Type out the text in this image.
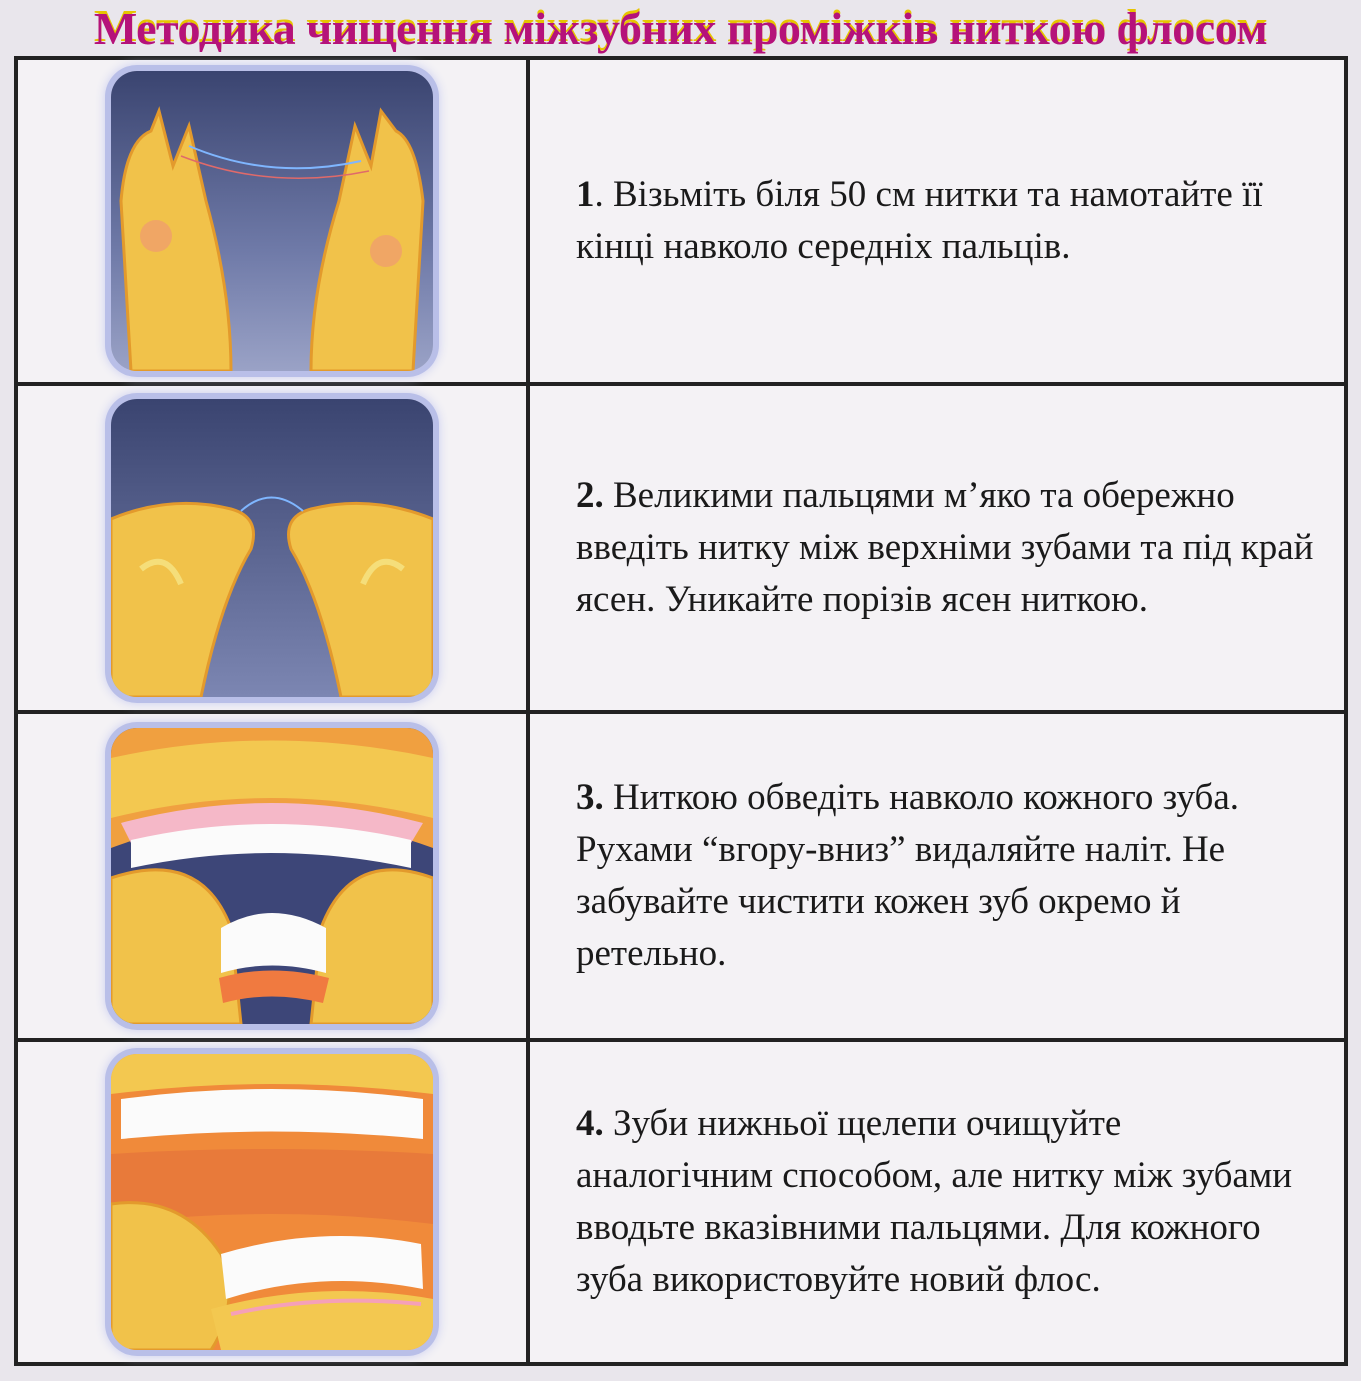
Методика чищення міжзубних проміжків ниткою флосом

1. Візьміть біля 50 см нитки та намотайте її кінці навколо середніх пальців.

2. Великими пальцями м’яко та обережно введіть нитку між верхніми зубами та під край ясен. Уникайте порізів ясен ниткою.

3. Ниткою обведіть навколо кожного зуба. Рухами “вгору-вниз” видаляйте наліт. Не забувайте чистити кожен зуб окремо й ретельно.

4. Зуби нижньої щелепи очищуйте аналогічним способом, але нитку між зубами вводьте вказівними пальцями. Для кожного зуба використовуйте новий флос.
